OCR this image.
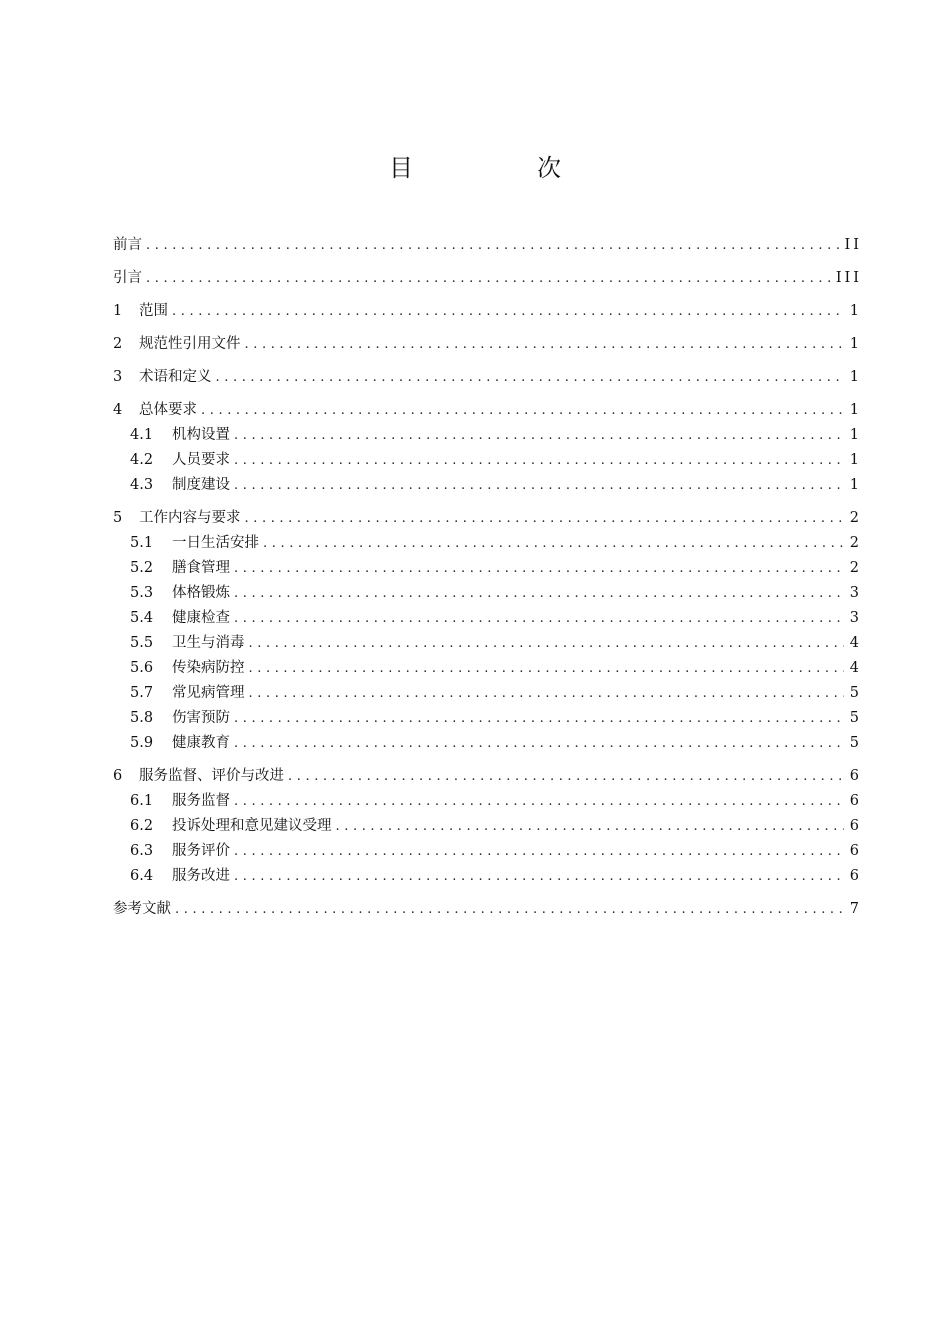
目　次
前言 .....	II
引言 .....	III
1	范围 .....	1
2	规范性引用文件 .....	1
3	术语和定义 .....	1
4	总体要求 .....	1
4.1	机构设置 .....	1
4.2	人员要求 .....	1
4.3	制度建设 .....	1
5	工作内容与要求 .....	2
5.1	一日生活安排 .....	2
5.2	膳食管理 .....	2
5.3	体格锻炼 .....	3
5.4	健康检查 .....	3
5.5	卫生与消毒 .....	4
5.6	传染病防控 .....	4
5.7	常见病管理 .....	5
5.8	伤害预防 .....	5
5.9	健康教育 .....	5
6	服务监督、评价与改进 .....	6
6.1	服务监督 .....	6
6.2	投诉处理和意见建议受理 .....	6
6.3	服务评价 .....	6
6.4	服务改进 .....	6
参考文献 .....	7
